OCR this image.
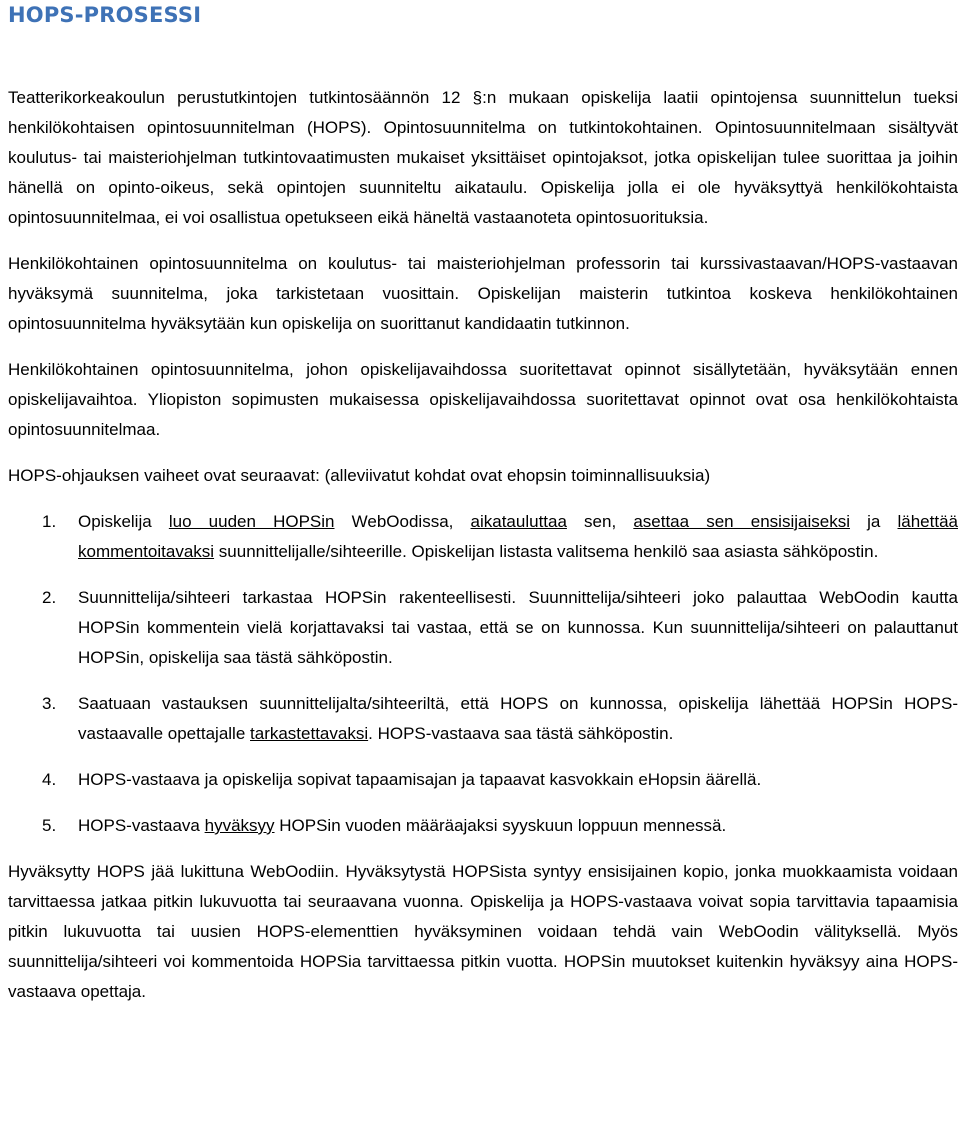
HOPS-PROSESSI

Teatterikorkeakoulun perustutkintojen tutkintosäännön 12 §:n mukaan opiskelija laatii opintojensa suunnittelun tueksi henkilökohtaisen opintosuunnitelman (HOPS). Opintosuunnitelma on tutkintokohtainen. Opintosuunnitelmaan sisältyvät koulutus- tai maisteriohjelman tutkintovaatimusten mukaiset yksittäiset opintojaksot, jotka opiskelijan tulee suorittaa ja joihin hänellä on opinto-oikeus, sekä opintojen suunniteltu aikataulu. Opiskelija jolla ei ole hyväksyttyä henkilökohtaista opintosuunnitelmaa, ei voi osallistua opetukseen eikä häneltä vastaanoteta opintosuorituksia.

Henkilökohtainen opintosuunnitelma on koulutus- tai maisteriohjelman professorin tai kurssivastaavan/HOPS-vastaavan hyväksymä suunnitelma, joka tarkistetaan vuosittain. Opiskelijan maisterin tutkintoa koskeva henkilökohtainen opintosuunnitelma hyväksytään kun opiskelija on suorittanut kandidaatin tutkinnon.

Henkilökohtainen opintosuunnitelma, johon opiskelijavaihdossa suoritettavat opinnot sisällytetään, hyväksytään ennen opiskelijavaihtoa. Yliopiston sopimusten mukaisessa opiskelijavaihdossa suoritettavat opinnot ovat osa henkilökohtaista opintosuunnitelmaa.

HOPS-ohjauksen vaiheet ovat seuraavat: (alleviivatut kohdat ovat ehopsin toiminnallisuuksia)

1. Opiskelija luo uuden HOPSin WebOodissa, aikatauluttaa sen, asettaa sen ensisijaiseksi ja lähettää kommentoitavaksi suunnittelijalle/sihteerille. Opiskelijan listasta valitsema henkilö saa asiasta sähköpostin.
2. Suunnittelija/sihteeri tarkastaa HOPSin rakenteellisesti. Suunnittelija/sihteeri joko palauttaa WebOodin kautta HOPSin kommentein vielä korjattavaksi tai vastaa, että se on kunnossa. Kun suunnittelija/sihteeri on palauttanut HOPSin, opiskelija saa tästä sähköpostin.
3. Saatuaan vastauksen suunnittelijalta/sihteeriltä, että HOPS on kunnossa, opiskelija lähettää HOPSin HOPS-vastaavalle opettajalle tarkastettavaksi. HOPS-vastaava saa tästä sähköpostin.
4. HOPS-vastaava ja opiskelija sopivat tapaamisajan ja tapaavat kasvokkain eHopsin äärellä.
5. HOPS-vastaava hyväksyy HOPSin vuoden määräajaksi syyskuun loppuun mennessä.

Hyväksytty HOPS jää lukittuna WebOodiin. Hyväksytystä HOPSista syntyy ensisijainen kopio, jonka muokkaamista voidaan tarvittaessa jatkaa pitkin lukuvuotta tai seuraavana vuonna. Opiskelija ja HOPS-vastaava voivat sopia tarvittavia tapaamisia pitkin lukuvuotta tai uusien HOPS-elementtien hyväksyminen voidaan tehdä vain WebOodin välityksellä. Myös suunnittelija/sihteeri voi kommentoida HOPSia tarvittaessa pitkin vuotta. HOPSin muutokset kuitenkin hyväksyy aina HOPS-vastaava opettaja.
